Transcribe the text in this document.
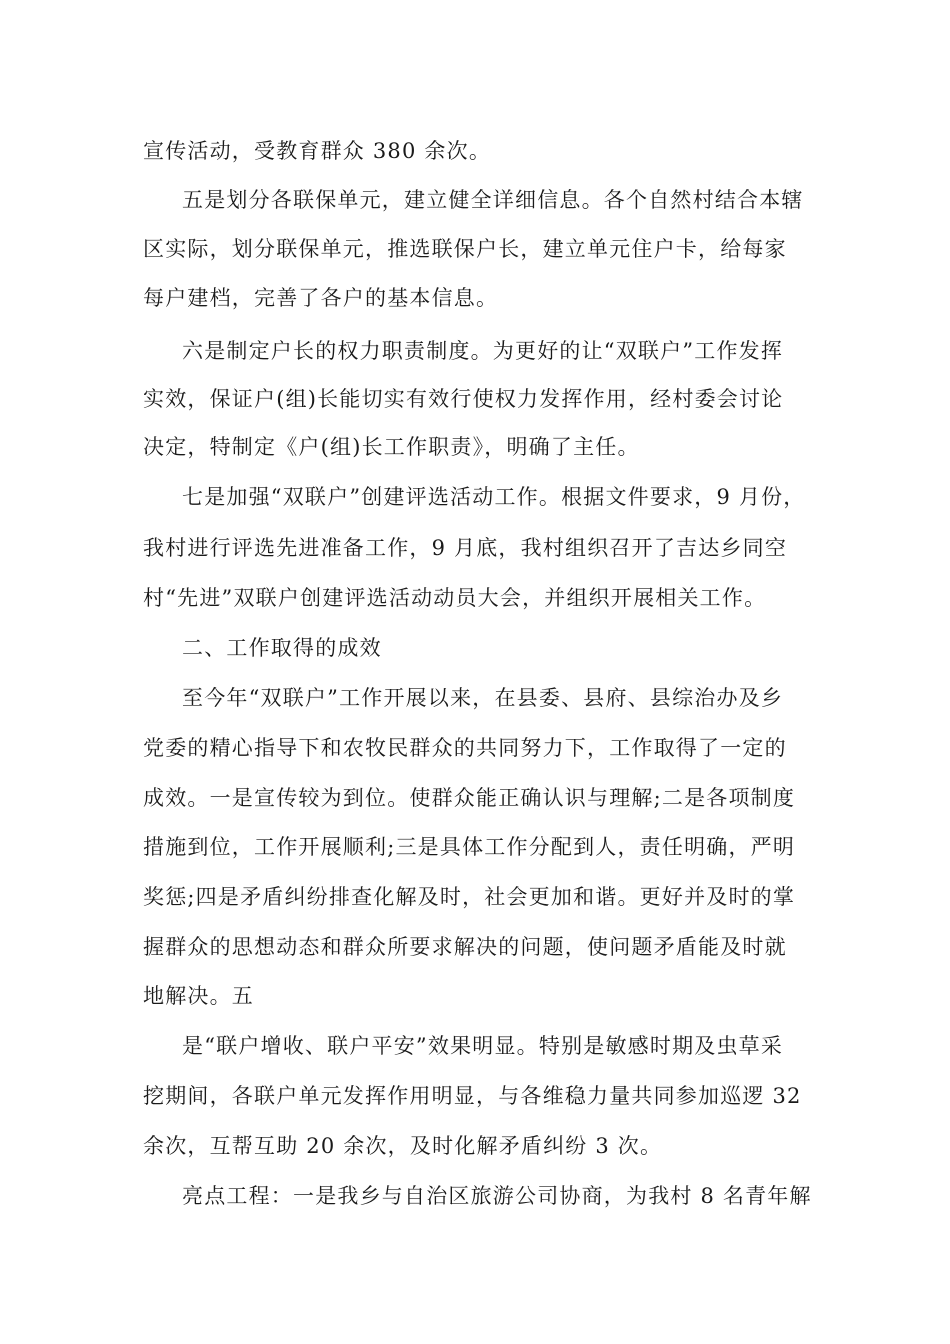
宣传活动，受教育群众 380 余次。
五是划分各联保单元，建立健全详细信息。各个自然村结合本辖
区实际，划分联保单元，推选联保户长，建立单元住户卡，给每家
每户建档，完善了各户的基本信息。
六是制定户长的权力职责制度。为更好的让“双联户”工作发挥
实效，保证户(组)长能切实有效行使权力发挥作用，经村委会讨论
决定，特制定《户(组)长工作职责》，明确了主任。
七是加强“双联户”创建评选活动工作。根据文件要求，9 月份，
我村进行评选先进准备工作，9 月底，我村组织召开了吉达乡同空
村“先进”双联户创建评选活动动员大会，并组织开展相关工作。
二、工作取得的成效
至今年“双联户”工作开展以来，在县委、县府、县综治办及乡
党委的精心指导下和农牧民群众的共同努力下，工作取得了一定的
成效。一是宣传较为到位。使群众能正确认识与理解;二是各项制度
措施到位，工作开展顺利;三是具体工作分配到人，责任明确，严明
奖惩;四是矛盾纠纷排查化解及时，社会更加和谐。更好并及时的掌
握群众的思想动态和群众所要求解决的问题，使问题矛盾能及时就
地解决。五
是“联户增收、联户平安”效果明显。特别是敏感时期及虫草采
挖期间，各联户单元发挥作用明显，与各维稳力量共同参加巡逻 32
余次，互帮互助 20 余次，及时化解矛盾纠纷 3 次。
亮点工程：一是我乡与自治区旅游公司协商，为我村 8 名青年解
